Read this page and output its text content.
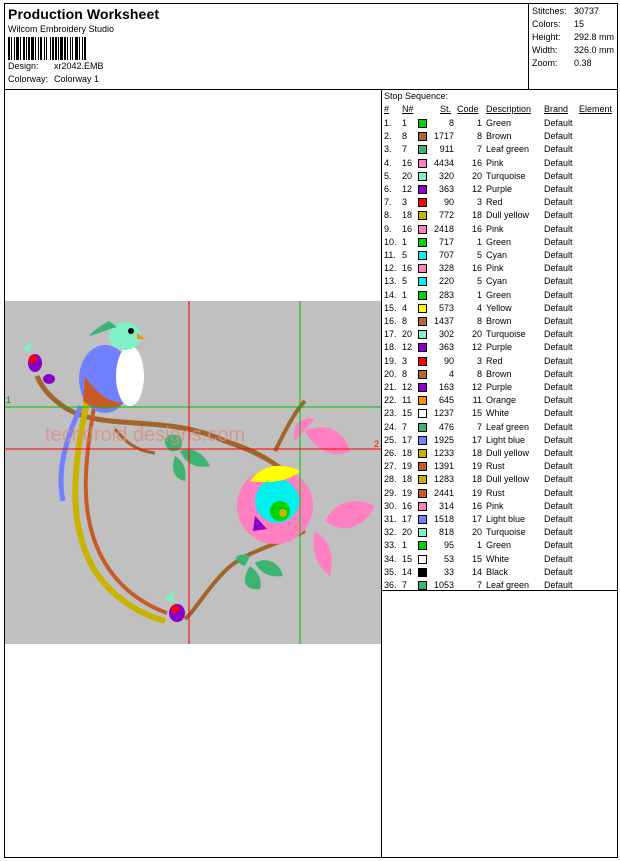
Production Worksheet
Wilcom Embroidery Studio
Design: xr2042.EMB
Colorway: Colorway 1
Stitches: 30737
Colors: 15
Height: 292.8 mm
Width: 326.0 mm
Zoom: 0.38
Stop Sequence:
# N#	St. Code Description Brand Element
1. 1	8	1 Green	Default
2. 8	1717	8 Brown	Default
3. 7	911	7 Leaf green Default
4. 16 4434 16 Pink	Default
5. 20	320 20 Turquoise Default
6. 12	363 12 Purple	Default
7. 3	90	3 Red	Default
8. 18	772 18 Dull yellow Default
9. 16 2418 16 Pink	Default
10. 1	717	1 Green	Default
11. 5	707	5 Cyan	Default
12. 16	328 16 Pink	Default
13. 5	220	5 Cyan	Default
14. 1	283	1 Green	Default
15. 4	573	4 Yellow	Default
16. 8	1437	8 Brown	Default
17. 20	302 20 Turquoise Default
18. 12	363 12 Purple	Default
19. 3	90	3 Red	Default
20. 8	4	8 Brown	Default
21. 12	163 12 Purple	Default
22. 11	645 11 Orange	Default
23. 15 1237 15 White	Default
24. 7	476	7 Leaf green Default
25. 17 1925 17 Light blue Default
26. 18 1233 18 Dull yellow Default
27. 19 1391 19 Rust	Default
28. 18 1283 18 Dull yellow Default
29. 19 2441 19 Rust	Default
30. 16	314 16 Pink	Default
31. 17 1518 17 Light blue Default
32. 20	818 20 Turquoise Default
33. 1	95	1 Green	Default
34. 15	53 15 White	Default
35. 14	33 14 Black	Default
36. 7	1053	7 Leaf green Default
techdroid designs.com
1
2
